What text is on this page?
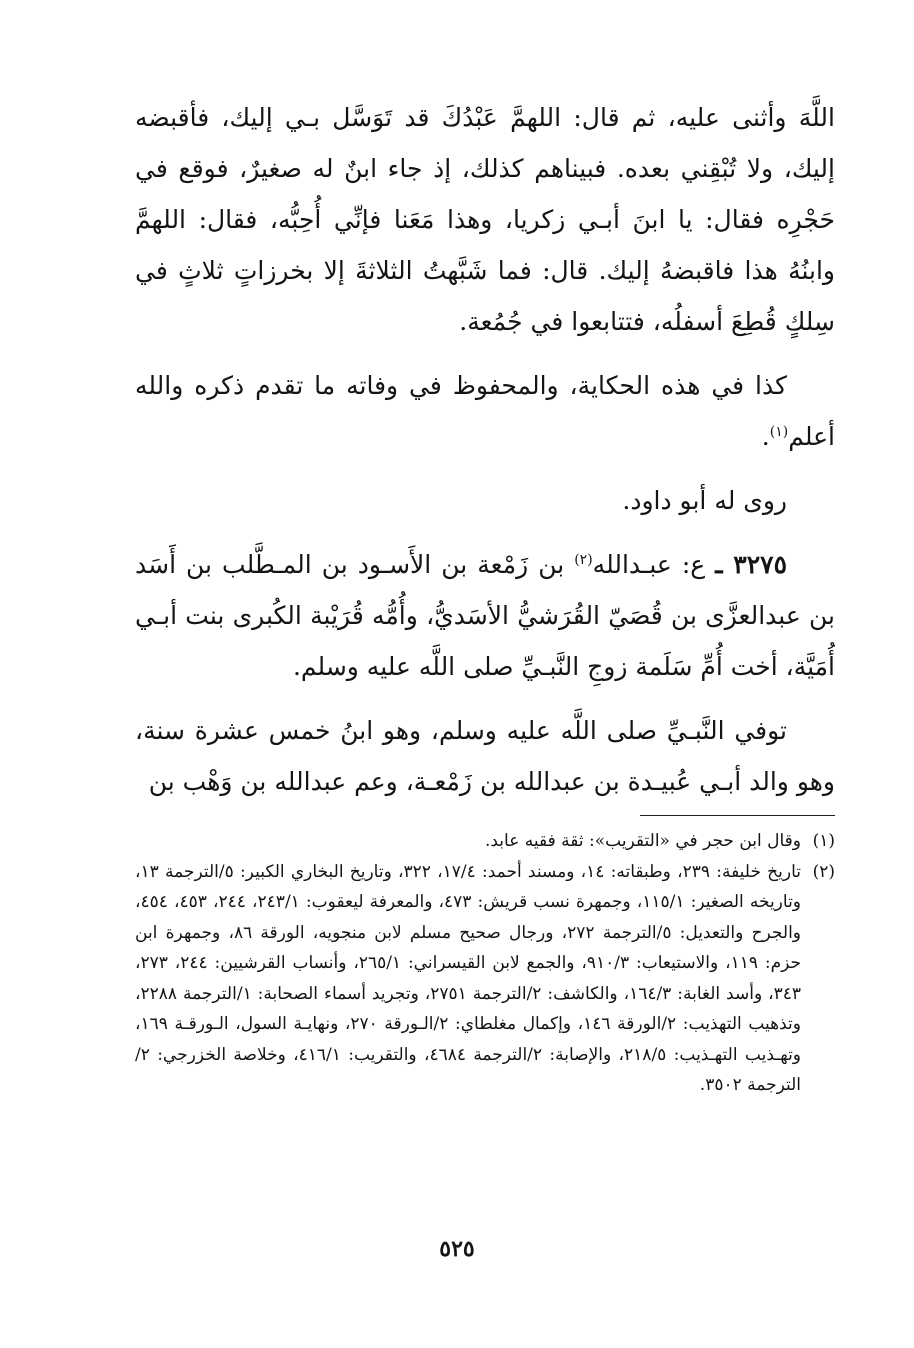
اللَّهَ وأثنى عليه، ثم قال: اللهمَّ عَبْدُكَ قد تَوَسَّل بـي إليك، فأقبضه إليك، ولا تُبْقِني بعده. فبيناهم كذلك، إذ جاء ابنٌ له صغيرٌ، فوقع في حَجْرِه فقال: يا ابنَ أبـي زكريا، وهذا مَعَنا فإنِّي أُحِبُّه، فقال: اللهمَّ وابنُهُ هذا فاقبضهُ إليك. قال: فما شَبَّهتُ الثلاثةَ إلا بخرزاتٍ ثلاثٍ في سِلكٍ قُطِعَ أسفلُه، فتتابعوا في جُمُعة.

كذا في هذه الحكاية، والمحفوظ في وفاته ما تقدم ذكره والله أعلم$^{(١)}$.

روى له أبو داود.

٣٢٧٥ ـ ع: عبـدالله$^{(٢)}$ بن زَمْعة بن الأَسـود بن المـطَّلب بن أَسَد بن عبدالعزَّى بن قُصَيّ القُرَشيُّ الأسَديُّ، وأُمُّه قُرَيْبة الكُبرى بنت أبـي أُمَيَّة، أخت أُمِّ سَلَمة زوجِ النَّبـيِّ صلى اللَّه عليه وسلم.

توفي النَّبـيِّ صلى اللَّه عليه وسلم، وهو ابنُ خمس عشرة سنة، وهو والد أبـي عُبيـدة بن عبدالله بن زَمْعـة، وعم عبدالله بن وَهْب بن

(١)
وقال ابن حجر في «التقريب»: ثقة فقيه عابد.
(٢)
تاريخ خليفة: ٢٣٩، وطبقاته: ١٤، ومسند أحمد: ١٧/٤، ٣٢٢، وتاريخ البخاري الكبير: ٥/الترجمة ١٣، وتاريخه الصغير: ١١٥/١، وجمهرة نسب قريش: ٤٧٣، والمعرفة ليعقوب: ٢٤٣/١، ٢٤٤، ٤٥٣، ٤٥٤، والجرح والتعديل: ٥/الترجمة ٢٧٢، ورجال صحيح مسلم لابن منجويه، الورقة ٨٦، وجمهرة ابن حزم: ١١٩، والاستيعاب: ٩١٠/٣، والجمع لابن القيسراني: ٢٦٥/١، وأنساب القرشيين: ٢٤٤، ٢٧٣، ٣٤٣، وأسد الغابة: ١٦٤/٣، والكاشف: ٢/الترجمة ٢٧٥١، وتجريد أسماء الصحابة: ١/الترجمة ٢٢٨٨، وتذهيب التهذيب: ٢/الورقة ١٤٦، وإكمال مغلطاي: ٢/الـورقة ٢٧٠، ونهايـة السول، الـورقـة ١٦٩، وتهـذيب التهـذيب: ٢١٨/٥، والإصابة: ٢/الترجمة ٤٦٨٤، والتقريب: ٤١٦/١، وخلاصة الخزرجي: ٢/الترجمة ٣٥٠٢.
٥٢٥
